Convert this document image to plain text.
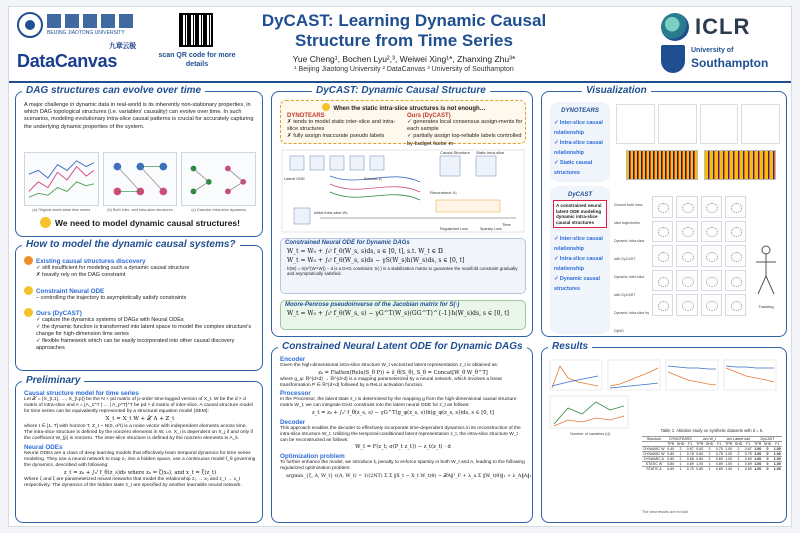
BEIJING JIAOTONG UNIVERSITY
DataCanvas
九章云极
scan QR code for more details
DyCAST: Learning Dynamic Causal
Structure from Time Series
Yue Cheng¹, Bochen Lyu²,³, Weiwei Xing¹*, Zhanxing Zhu³*
¹ Beijing Jiaotong University ² DataCanvas ³ University of Southampton
ICLR
University of
Southampton
DAG structures can evolve over time
A major challenge in dynamic data in real-world is its inherently non-stationary properties, in which DAG topological structures (i.e. variables' causality) can evolve over time. In such scenarios, modeling evolutionary intra-slice causal patterns is crucial for accurately capturing the underlying dynamic properties of the system.
(a) Original world-state time series	(b) Both inter- and intra-slice structures	(c) Granular intra-slice dynamics
We need to model dynamic causal structures!
How to model the dynamic causal systems?
Existing causal structures discovery
✓ still insufficient for modeling such a dynamic causal structure
✗ heavily rely on the DAG constraint
Constraint Neural ODE
– controlling the trajectory to asymptotically satisfy constraints
Ours (DyCAST)
✓ capture the dynamics systems of DAGs with Neural ODEs
✓ the dynamic function is transformed into latent space to model the complex structure's change for high-dimension time series
✓ flexible framework which can be easily incorporated into other causal discovery approaches
Preliminary
Causal structure model for time series
Let 𝒳 = {X_{t,1}, …, X_{t,p}} be the N × pd matrix of p-order time-lagged version of X_t. W be the d × d matrix of intra-slice and A = [A_1^T | … | A_p^T]^T be pd × d matrix of inter-slice. A causal structure model for time series can be equivalently represented by a structural equation model (SEM):
X_t = X_t W + 𝒳 A + Z_t
where t ∈ [1, T] with horizon T, Z_t ~ N(0, σ²I) is a noise vector with independent elements across time. The intra-slice structure is defined by the nonzero elements in W, i.e. X_i is dependent on X_j if and only if the coefficient W_{ji} is nonzero. The inter-slice structure is defined by the nonzero elements in A_k.
Neural ODEs
Neural ODEs are a class of deep learning models that effectively learn temporal dynamics for time series modeling. They use a neural network to map z₀ into a hidden space, use a continuous model f_θ governing the dynamics, described with following:
z_t = z₀ + ∫₀ᵗ f_θ(z_s)ds where z₀ = ζ(x₀), and x_t = ξ(z_t)
Where ζ and ξ are parameterized neural networks that model the relationship z₀ → x₀ and z_t → x_t respectively. The dynamics of the hidden state z_t are specified by another learnable neural network.
DyCAST: Dynamic Causal Structure
When the static intra-slice structures is not enough…
DYNOTEARS
✗ tends to model static inter-slice and intra-slice structures
✗ fully assign inaccurate pseudo labels
Ours (DyCAST)
✓ generates local consensus assign-ments for each sample
✓ partially assign top-reliable labels controlled by budget factor m
Latent ODE	Encode z₀
Reconstruct X₀
Causal Structure Static intra-slice
Time
Regularized Loss	Sparsity Loss
Initial intra-slice W₀
Constrained Neural ODE for Dynamic DAGs
W_t = W₀ + ∫₀ᵗ f_θ(W_s, s)ds, s ∈ [0, t], s.t. W_t ∈ 𝔻
W_t = W₀ + ∫₀ᵗ f_θ(W_s, s)ds − γS(W_s)h(W_s)ds, s ∈ [0, t]
h(W) = tr(e^{W∘W}) − d is a DAG constraint; S(·) is a stabilization matrix to guarantee the manifold constraint gradually and asymptotically satisfied.
Moore-Penrose pseudoinverse of the Jacobian matrix for S(·)
W_t = W₀ + ∫₀ᵗ f_θ(W_s, s) − γG^T(W_s)(GG^T)^{-1}h(W_s)ds, s ∈ [0, t]
Constrained Neural Latent ODE for Dynamic DAGs
Encoder
Given the high-dimensional intra-slice structure W_t vectorized latent representation z_t is obtained as:
z₀ = Flatten(Relu(S_θ P)) + ẑ_θ(S_θ), S_θ = Concat[W_θ W_θ^T]
where g_φ: ℝ^{d×d} → ℝ^{d×d} is a mapping parameterized by a neural network, which involves a linear transformation P ∈ ℝ^{d×d} followed by a ReLU activation function.
Processor
In the Processor, the latent state z_t is determined by the mapping g from the high-dimensional causal structure matrix W_t, we can integrate DAG constraint into the latent neural ODE for z_t as follows:
z_t = z₀ + ∫₀ᵗ f_θ(z_s, s) − γG^T(g_φ(z_s, s))h(g_φ(z_s, s))ds, s ∈ [0, t]
Decoder
This approach enables the decoder to effectively incorporate time-dependent dynamics in its reconstruction of the intra-slice structure W_t. Utilizing the temporal-conditioned latent representation z_t, the intra-slice structure W_t can be reconstructed as follows:
W_t = F(z_t; σ(P_t z_t)) − z_t(z_t) · d
Optimization problem
To further enhance the model, we introduce ℓ₁ penalty to enforce sparsity in both W_t and A, leading to the following regularized optimization problem:
argmin_{ζ, A, W_t} ℓ(A, W_t) = 1/(2NT) Σ Σ ‖X_t − X_t W_t(θ) − 𝒳A‖²_F + λ_a Σ ‖W_t(θ)‖₁ + λ_A‖A‖₁
Visualization
DYNOTEARS
✓ Inter-slice causal relationship
✓ Intra-slice causal relationship
✓ Static causal structures
DyCAST
A constrained neural latent ODE modeling dynamic intra-slice causal structures
✓ Inter-slice causal relationship
✓ Intra-slice causal relationship
✓ Dynamic causal structures
Ground truth intra-slice trajectories
Dynamic intra-slice with DyCAST
Dynamic inter-slice with DyCAST
Dynamic intra-slice by DyNO
Tracking
Results
Number of variables (d)
Table 1: Ablation study on synthetic datasets with d = 5.
Structure	DYNOTEARS			w/o W_t			w/o Latent ode			DyCAST		
	TPR	SHD	F1	TPR	SHD	F1	TPR	SHD	F1	TPR	SHD	F1
DYNAMIC W	0.40	3	0.67	0.60	3	0.75	1.00	2	0.67	1.00	0	1.00
DYNAMIC W	0.80	1	0.78	0.60	2	0.75	1.00	2	0.75	1.00	0	1.00
DYNAMIC A	0.80	2	0.68	0.80	2	0.69	1.00	2	0.69	1.00	0	1.00
STATIC W	0.80	1	0.89	1.00	1	0.89	1.00	1	0.89	1.00	0	1.00
STATIC A	0.60	1	0.75	0.80	1	0.89	1.00	1	0.89	1.00	0	1.00
The best results are in bold.
